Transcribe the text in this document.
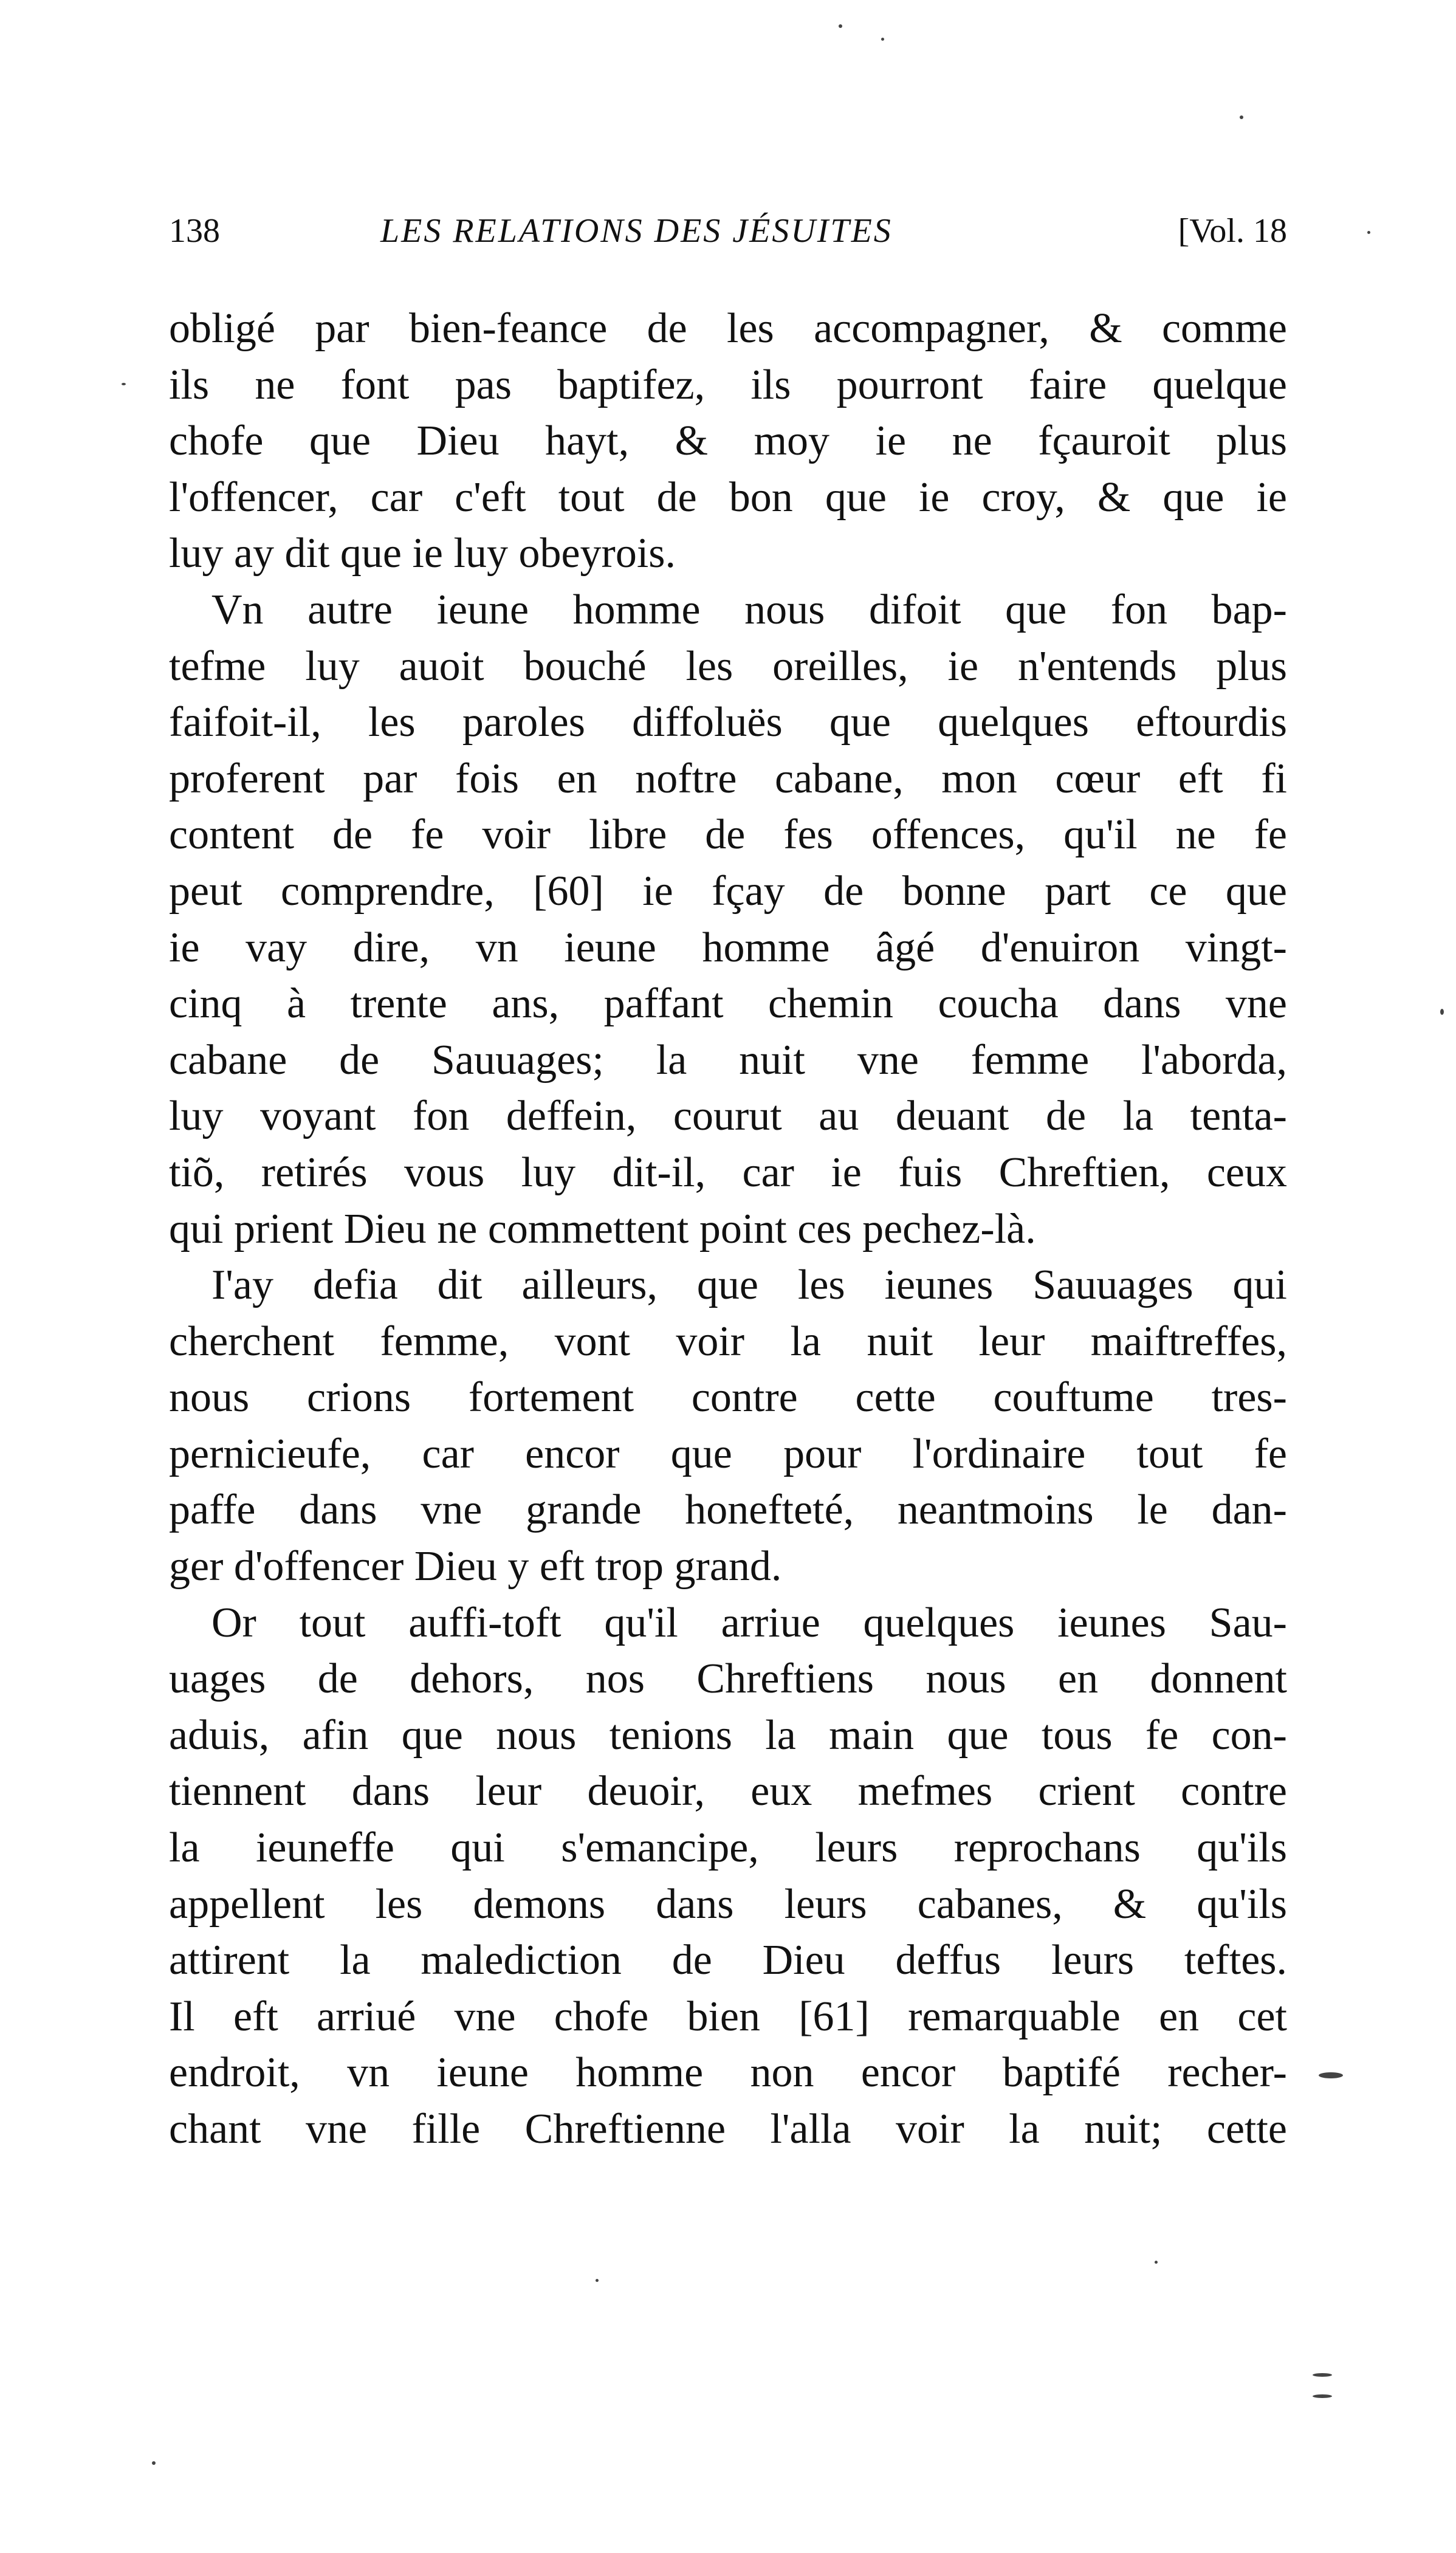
138	LES RELATIONS DES JÉSUITES	[Vol. 18
obligé par bien-feance de les accompagner, & comme
ils ne font pas baptifez, ils pourront faire quelque
chofe que Dieu hayt, & moy ie ne fçauroit plus
l'offencer, car c'eft tout de bon que ie croy, & que ie
luy ay dit que ie luy obeyrois.
Vn autre ieune homme nous difoit que fon bap-
tefme luy auoit bouché les oreilles, ie n'entends plus
faifoit-il, les paroles diffoluës que quelques eftourdis
proferent par fois en noftre cabane, mon cœur eft fi
content de fe voir libre de fes offences, qu'il ne fe
peut comprendre, [60] ie fçay de bonne part ce que
ie vay dire, vn ieune homme âgé d'enuiron vingt-
cinq à trente ans, paffant chemin coucha dans vne
cabane de Sauuages; la nuit vne femme l'aborda,
luy voyant fon deffein, courut au deuant de la tenta-
tiõ, retirés vous luy dit-il, car ie fuis Chreftien, ceux
qui prient Dieu ne commettent point ces pechez-là.
I'ay defia dit ailleurs, que les ieunes Sauuages qui
cherchent femme, vont voir la nuit leur maiftreffes,
nous crions fortement contre cette couftume tres-
pernicieufe, car encor que pour l'ordinaire tout fe
paffe dans vne grande honefteté, neantmoins le dan-
ger d'offencer Dieu y eft trop grand.
Or tout auffi-toft qu'il arriue quelques ieunes Sau-
uages de dehors, nos Chreftiens nous en donnent
aduis, afin que nous tenions la main que tous fe con-
tiennent dans leur deuoir, eux mefmes crient contre
la ieuneffe qui s'emancipe, leurs reprochans qu'ils
appellent les demons dans leurs cabanes, & qu'ils
attirent la malediction de Dieu deffus leurs teftes.
Il eft arriué vne chofe bien [61] remarquable en cet
endroit, vn ieune homme non encor baptifé recher-
chant vne fille Chreftienne l'alla voir la nuit; cette
